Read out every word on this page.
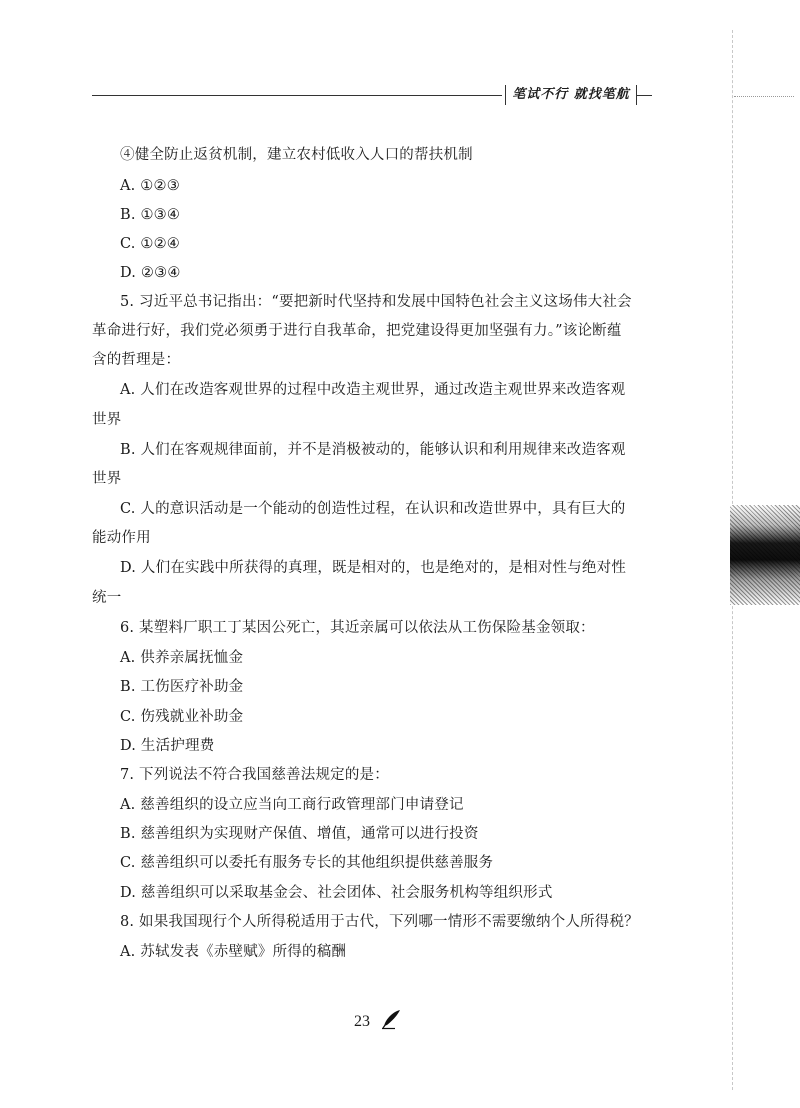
笔试不行 就找笔航
④健全防止返贫机制，建立农村低收入人口的帮扶机制
A. ①②③
B. ①③④
C. ①②④
D. ②③④
5. 习近平总书记指出：“要把新时代坚持和发展中国特色社会主义这场伟大社会
革命进行好，我们党必须勇于进行自我革命，把党建设得更加坚强有力。”该论断蕴
含的哲理是：
A. 人们在改造客观世界的过程中改造主观世界，通过改造主观世界来改造客观
世界
B. 人们在客观规律面前，并不是消极被动的，能够认识和利用规律来改造客观
世界
C. 人的意识活动是一个能动的创造性过程，在认识和改造世界中，具有巨大的
能动作用
D. 人们在实践中所获得的真理，既是相对的，也是绝对的，是相对性与绝对性
统一
6. 某塑料厂职工丁某因公死亡，其近亲属可以依法从工伤保险基金领取：
A. 供养亲属抚恤金
B. 工伤医疗补助金
C. 伤残就业补助金
D. 生活护理费
7. 下列说法不符合我国慈善法规定的是：
A. 慈善组织的设立应当向工商行政管理部门申请登记
B. 慈善组织为实现财产保值、增值，通常可以进行投资
C. 慈善组织可以委托有服务专长的其他组织提供慈善服务
D. 慈善组织可以采取基金会、社会团体、社会服务机构等组织形式
8. 如果我国现行个人所得税适用于古代，下列哪一情形不需要缴纳个人所得税？
A. 苏轼发表《赤壁赋》所得的稿酬
23
